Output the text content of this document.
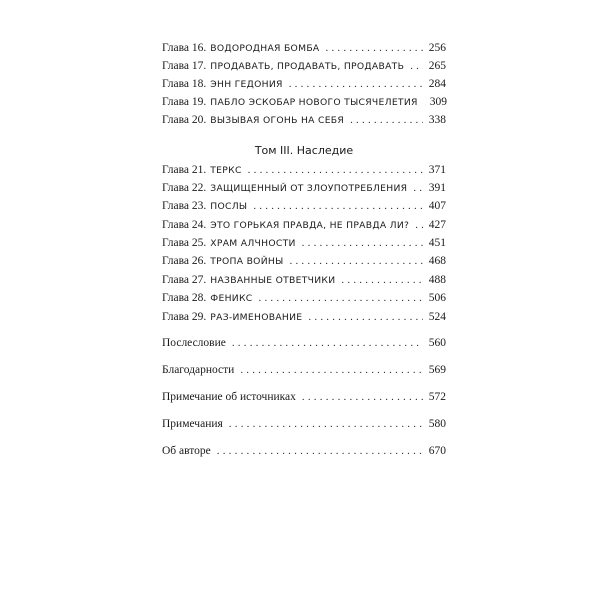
Глава 16. ВОДОРОДНАЯ БОМБА .....	256
Глава 17. ПРОДАВАТЬ, ПРОДАВАТЬ, ПРОДАВАТЬ ..... 265
Глава 18. ЭНН ГЕДОНИЯ .....	284
Глава 19. ПАБЛО ЭСКОБАР НОВОГО ТЫСЯЧЕЛЕТИЯ 309
Глава 20. ВЫЗЫВАЯ ОГОНЬ НА СЕБЯ .....	338
Том III. Наследие
Глава 21. ТЕРКС .....	371
Глава 22. ЗАЩИЩЕННЫЙ ОТ ЗЛОУПОТРЕБЛЕНИЯ ..... 391
Глава 23. ПОСЛЫ .....	407
Глава 24. ЭТО ГОРЬКАЯ ПРАВДА, НЕ ПРАВДА ЛИ? ..... 427
Глава 25. ХРАМ АЛЧНОСТИ .....	451
Глава 26. ТРОПА ВОЙНЫ .....	468
Глава 27. НАЗВАННЫЕ ОТВЕТЧИКИ .....	488
Глава 28. ФЕНИКС .....	506
Глава 29. РАЗ-ИМЕНОВАНИЕ .....	524
Послесловие .....	560
Благодарности .....	569
Примечание об источниках .....	572
Примечания .....	580
Об авторе .....	670
